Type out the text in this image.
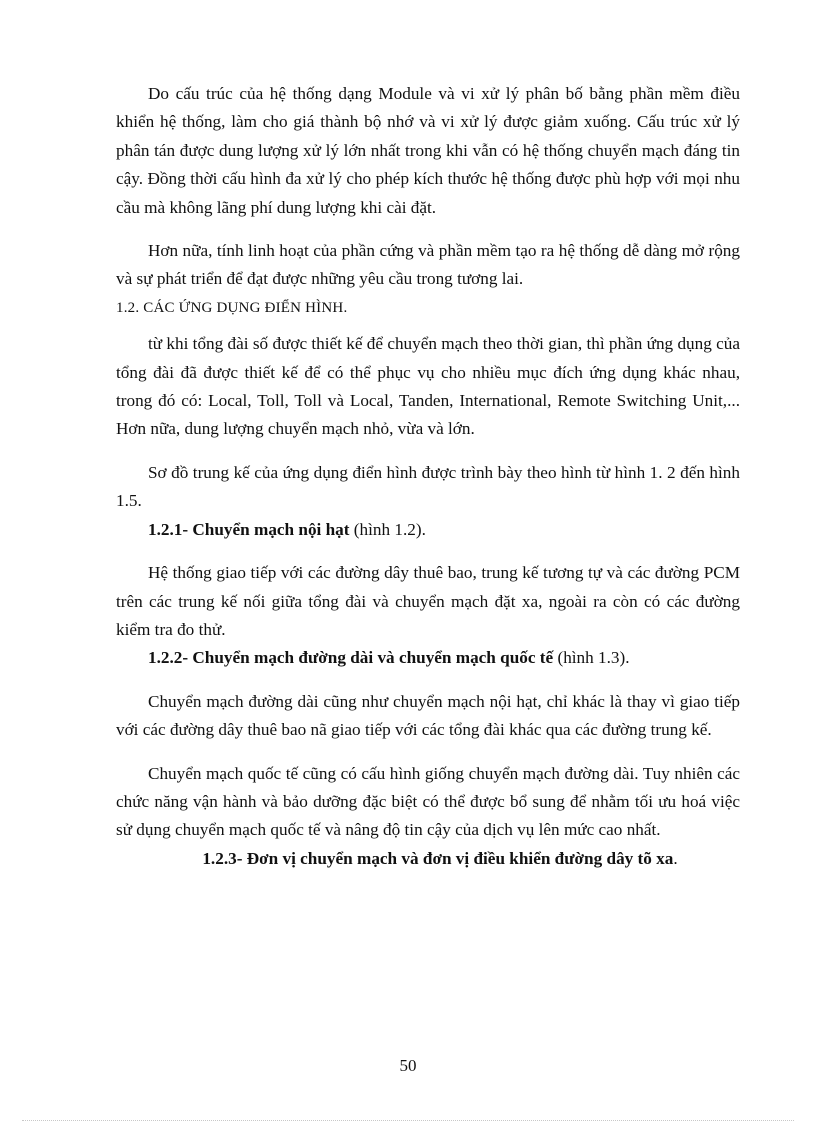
Do cấu trúc của hệ thống dạng Module và vi xử lý phân bố bằng phần mềm điều khiển hệ thống, làm cho giá thành bộ nhớ và vi xử lý được giảm xuống. Cấu trúc xử lý phân tán được dung lượng xử lý lớn nhất trong khi vẫn có hệ thống chuyển mạch đáng tin cậy. Đồng thời cấu hình đa xử lý cho phép kích thước hệ thống được phù hợp với mọi nhu cầu mà không lãng phí dung lượng khi cài đặt.

Hơn nữa, tính linh hoạt của phần cứng và phần mềm tạo ra hệ thống dễ dàng mở rộng và sự phát triển để đạt được những yêu cầu trong tương lai.

1.2. CÁC ỨNG DỤNG ĐIỂN HÌNH.

từ khi tổng đài số được thiết kế để chuyển mạch theo thời gian, thì phần ứng dụng của tổng đài đã được thiết kế để có thể phục vụ cho nhiều mục đích ứng dụng khác nhau, trong đó có: Local, Toll, Toll và Local, Tanden, International, Remote Switching Unit,... Hơn nữa, dung lượng chuyển mạch nhỏ, vừa và lớn.

Sơ đồ trung kế của ứng dụng điển hình được trình bày theo hình từ hình 1. 2 đến hình 1.5.

1.2.1- Chuyển mạch nội hạt (hình 1.2).

Hệ thống giao tiếp với các đường dây thuê bao, trung kế tương tự và các đường PCM trên các trung kế nối giữa tổng đài và chuyển mạch đặt xa, ngoài ra còn có các đường kiểm tra đo thử.

1.2.2- Chuyển mạch đường dài và chuyển mạch quốc tế (hình 1.3).

Chuyển mạch đường dài cũng như chuyển mạch nội hạt, chỉ khác là thay vì giao tiếp với các đường dây thuê bao nã giao tiếp với các tổng đài khác qua các đường trung kế.

Chuyển mạch quốc tế cũng có cấu hình giống chuyển mạch đường dài. Tuy nhiên các chức năng vận hành và bảo dưỡng đặc biệt có thể được bổ sung để nhằm tối ưu hoá việc sử dụng chuyển mạch quốc tế và nâng độ tin cậy của dịch vụ lên mức cao nhất.

1.2.3- Đơn vị chuyển mạch và đơn vị điều khiển đường dây tõ xa.

50
